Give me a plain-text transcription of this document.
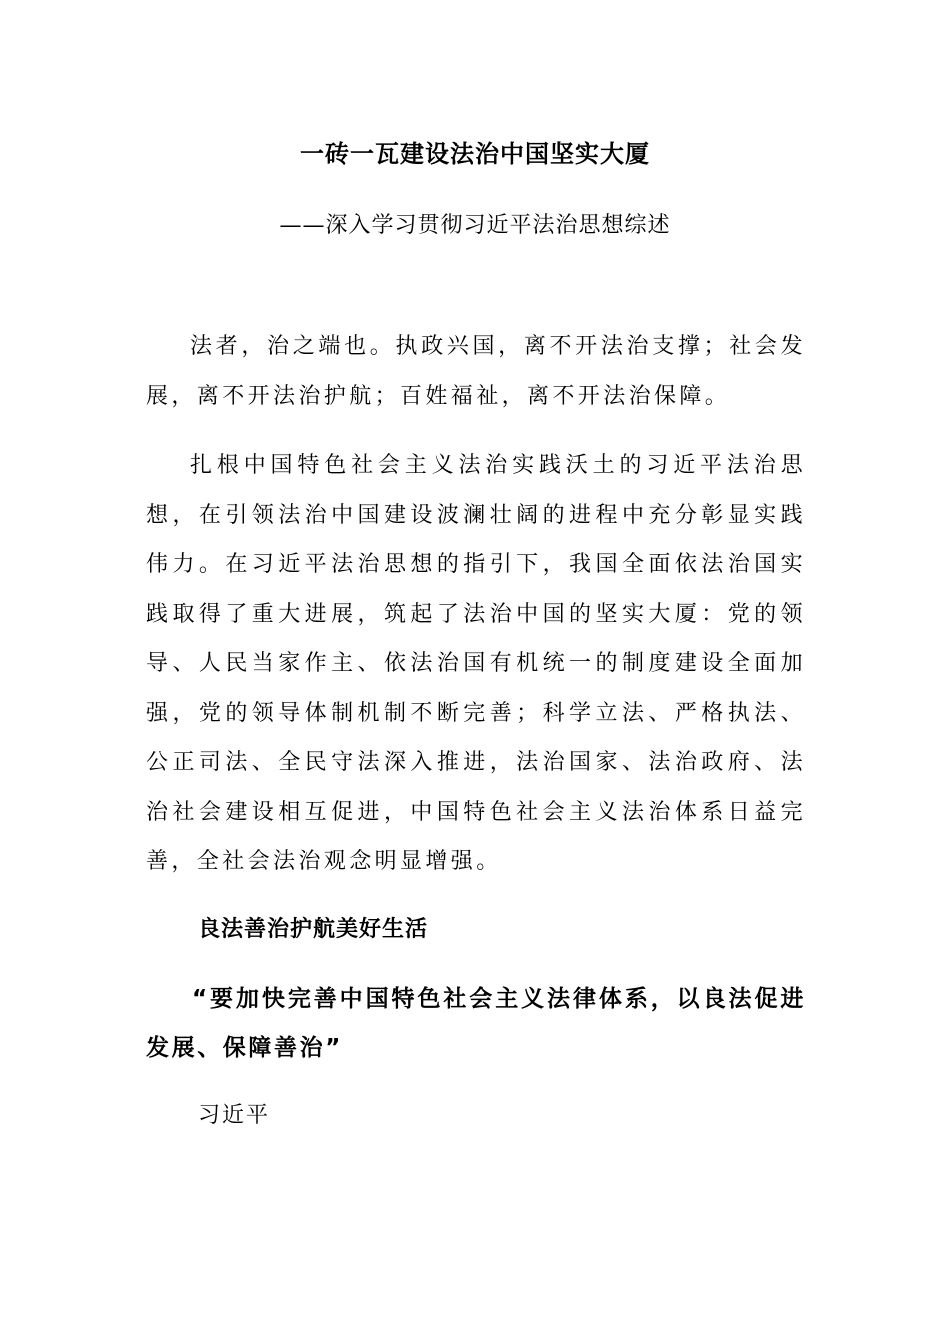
一砖一瓦建设法治中国坚实大厦
——深入学习贯彻习近平法治思想综述

法者，治之端也。执政兴国，离不开法治支撑；社会发展，离不开法治护航；百姓福祉，离不开法治保障。

扎根中国特色社会主义法治实践沃土的习近平法治思想，在引领法治中国建设波澜壮阔的进程中充分彰显实践伟力。在习近平法治思想的指引下，我国全面依法治国实践取得了重大进展，筑起了法治中国的坚实大厦：党的领导、人民当家作主、依法治国有机统一的制度建设全面加强，党的领导体制机制不断完善；科学立法、严格执法、公正司法、全民守法深入推进，法治国家、法治政府、法治社会建设相互促进，中国特色社会主义法治体系日益完善，全社会法治观念明显增强。

良法善治护航美好生活

“要加快完善中国特色社会主义法律体系，以良法促进发展、保障善治”

习近平
